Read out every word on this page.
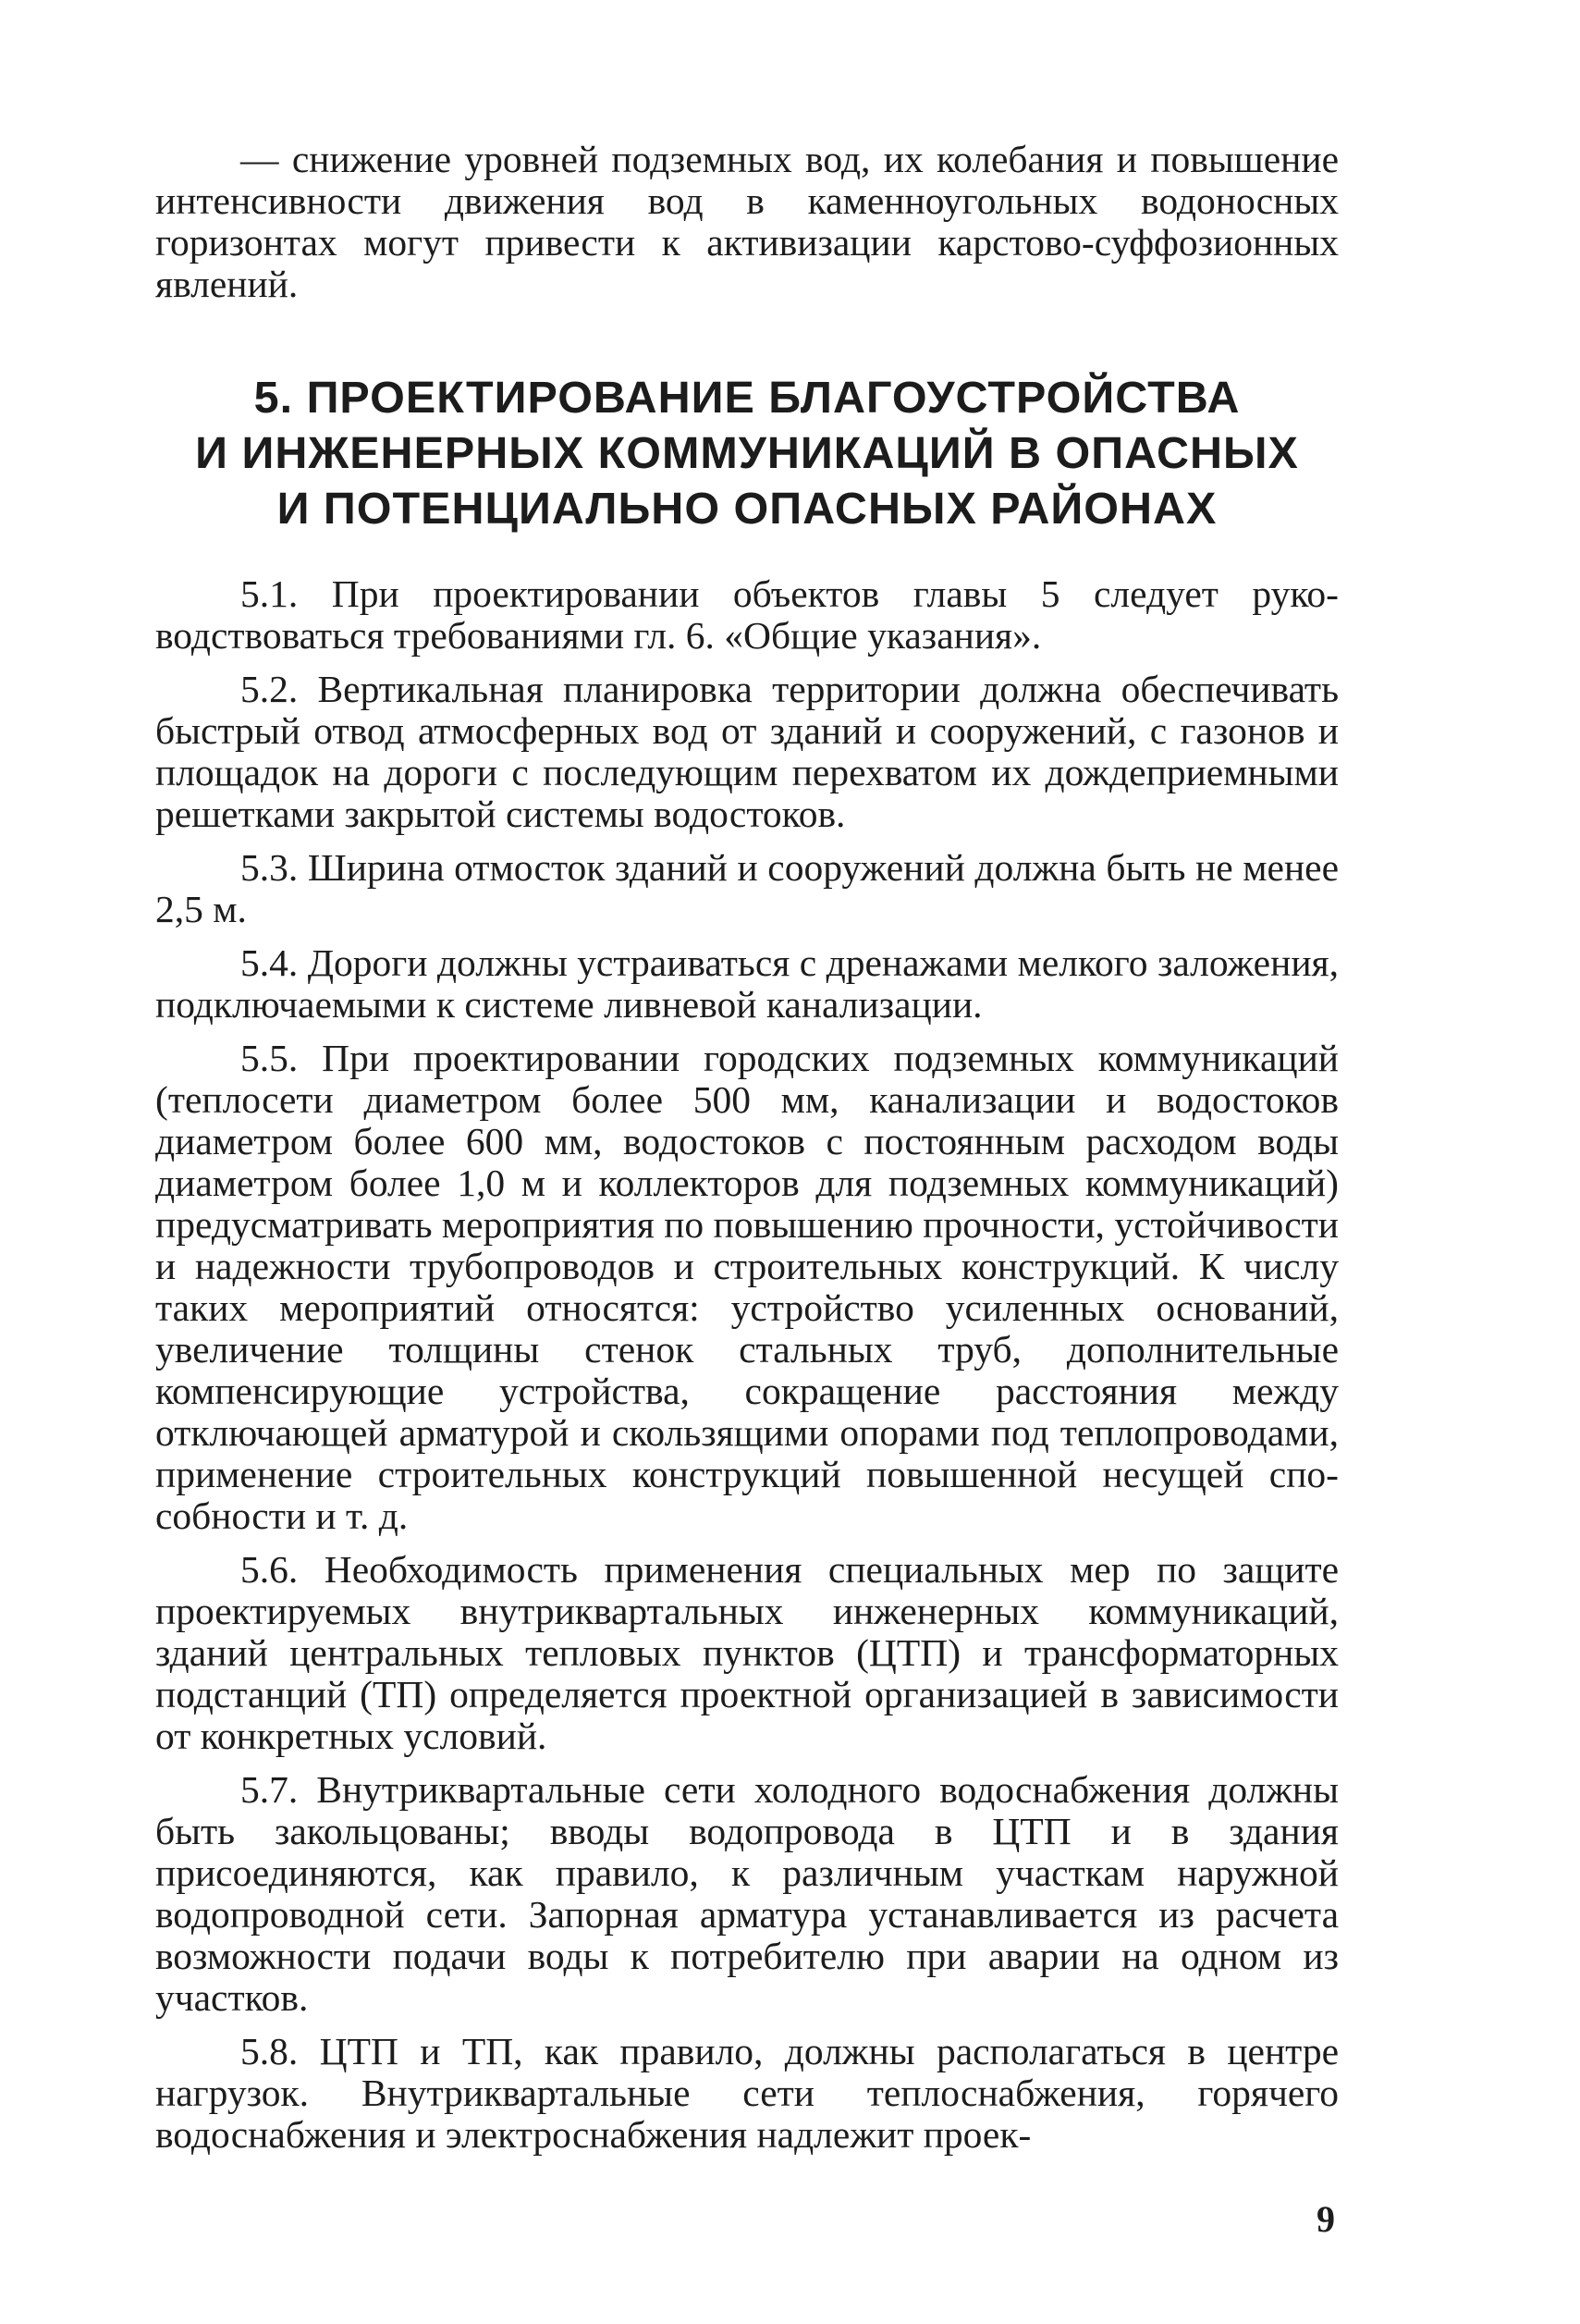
— снижение уровней подземных вод, их колебания и повышение интенсивности движения вод в каменноугольных водоносных горизонтах могут привести к активизации карстово-суффозионных явлений.

5. ПРОЕКТИРОВАНИЕ БЛАГОУСТРОЙСТВА
И ИНЖЕНЕРНЫХ КОММУНИКАЦИЙ В ОПАСНЫХ
И ПОТЕНЦИАЛЬНО ОПАСНЫХ РАЙОНАХ

5.1. При проектировании объектов главы 5 следует руководствоваться требованиями гл. 6. «Общие указания».

5.2. Вертикальная планировка территории должна обеспечивать быстрый отвод атмосферных вод от зданий и сооружений, с газонов и площадок на дороги с последующим перехватом их дождеприемными решетками закрытой системы водостоков.

5.3. Ширина отмосток зданий и сооружений должна быть не менее 2,5 м.

5.4. Дороги должны устраиваться с дренажами мелкого заложения, подключаемыми к системе ливневой канализации.

5.5. При проектировании городских подземных коммуникаций (теплосети диаметром более 500 мм, канализации и водостоков диаметром более 600 мм, водостоков с постоянным расходом воды диаметром более 1,0 м и коллекторов для подземных коммуникаций) предусматривать мероприятия по повышению прочности, устойчивости и надежности трубопроводов и строительных конструкций. К числу таких мероприятий относятся: устройство усиленных оснований, увеличение толщины стенок стальных труб, дополнительные компенсирующие устройства, сокращение расстояния между отключающей арматурой и скользящими опорами под теплопроводами, применение строительных конструкций повышенной несущей способности и т. д.

5.6. Необходимость применения специальных мер по защите проектируемых внутриквартальных инженерных коммуникаций, зданий центральных тепловых пунктов (ЦТП) и трансформаторных подстанций (ТП) определяется проектной организацией в зависимости от конкретных условий.

5.7. Внутриквартальные сети холодного водоснабжения должны быть закольцованы; вводы водопровода в ЦТП и в здания присоединяются, как правило, к различным участкам наружной водопроводной сети. Запорная арматура устанавливается из расчета возможности подачи воды к потребителю при аварии на одном из участков.

5.8. ЦТП и ТП, как правило, должны располагаться в центре нагрузок. Внутриквартальные сети теплоснабжения, горячего водоснабжения и электроснабжения надлежит проек-

9
